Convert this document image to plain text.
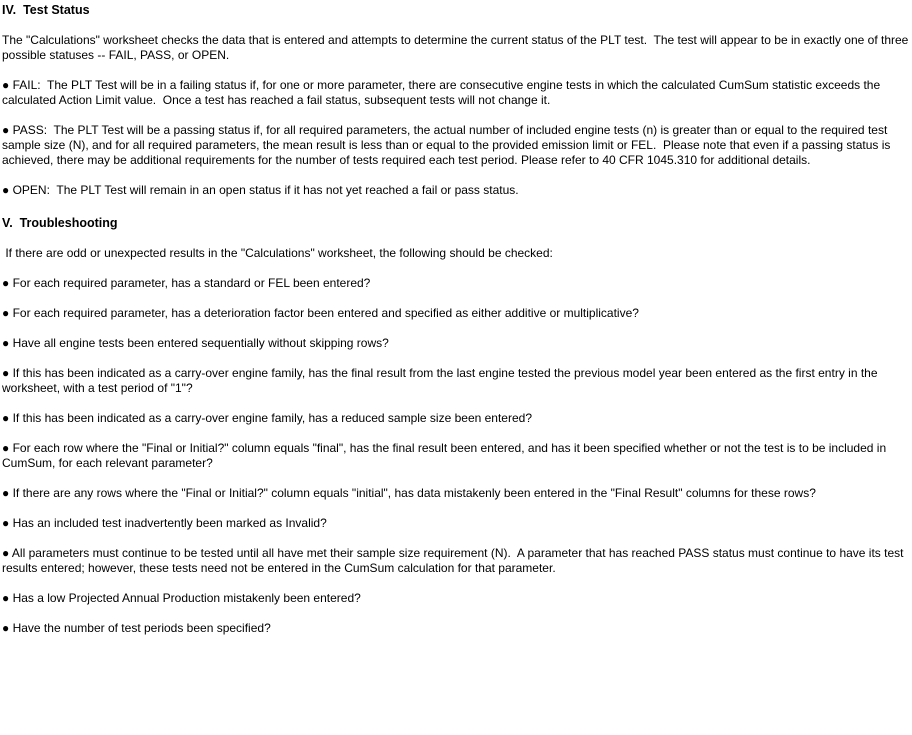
IV.  Test Status

The "Calculations" worksheet checks the data that is entered and attempts to determine the current status of the PLT test.  The test will appear to be in exactly one of three possible statuses -- FAIL, PASS, or OPEN.

● FAIL:  The PLT Test will be in a failing status if, for one or more parameter, there are consecutive engine tests in which the calculated CumSum statistic exceeds the calculated Action Limit value.  Once a test has reached a fail status, subsequent tests will not change it.

● PASS:  The PLT Test will be a passing status if, for all required parameters, the actual number of included engine tests (n) is greater than or equal to the required test sample size (N), and for all required parameters, the mean result is less than or equal to the provided emission limit or FEL.  Please note that even if a passing status is achieved, there may be additional requirements for the number of tests required each test period. Please refer to 40 CFR 1045.310 for additional details.

● OPEN:  The PLT Test will remain in an open status if it has not yet reached a fail or pass status.

V.  Troubleshooting

If there are odd or unexpected results in the "Calculations" worksheet, the following should be checked:

● For each required parameter, has a standard or FEL been entered?

● For each required parameter, has a deterioration factor been entered and specified as either additive or multiplicative?

● Have all engine tests been entered sequentially without skipping rows?

● If this has been indicated as a carry-over engine family, has the final result from the last engine tested the previous model year been entered as the first entry in the worksheet, with a test period of "1"?

● If this has been indicated as a carry-over engine family, has a reduced sample size been entered?

● For each row where the "Final or Initial?" column equals "final", has the final result been entered, and has it been specified whether or not the test is to be included in CumSum, for each relevant parameter?

● If there are any rows where the "Final or Initial?" column equals "initial", has data mistakenly been entered in the "Final Result" columns for these rows?

● Has an included test inadvertently been marked as Invalid?

● All parameters must continue to be tested until all have met their sample size requirement (N).  A parameter that has reached PASS status must continue to have its test results entered; however, these tests need not be entered in the CumSum calculation for that parameter.

● Has a low Projected Annual Production mistakenly been entered?

● Have the number of test periods been specified?
